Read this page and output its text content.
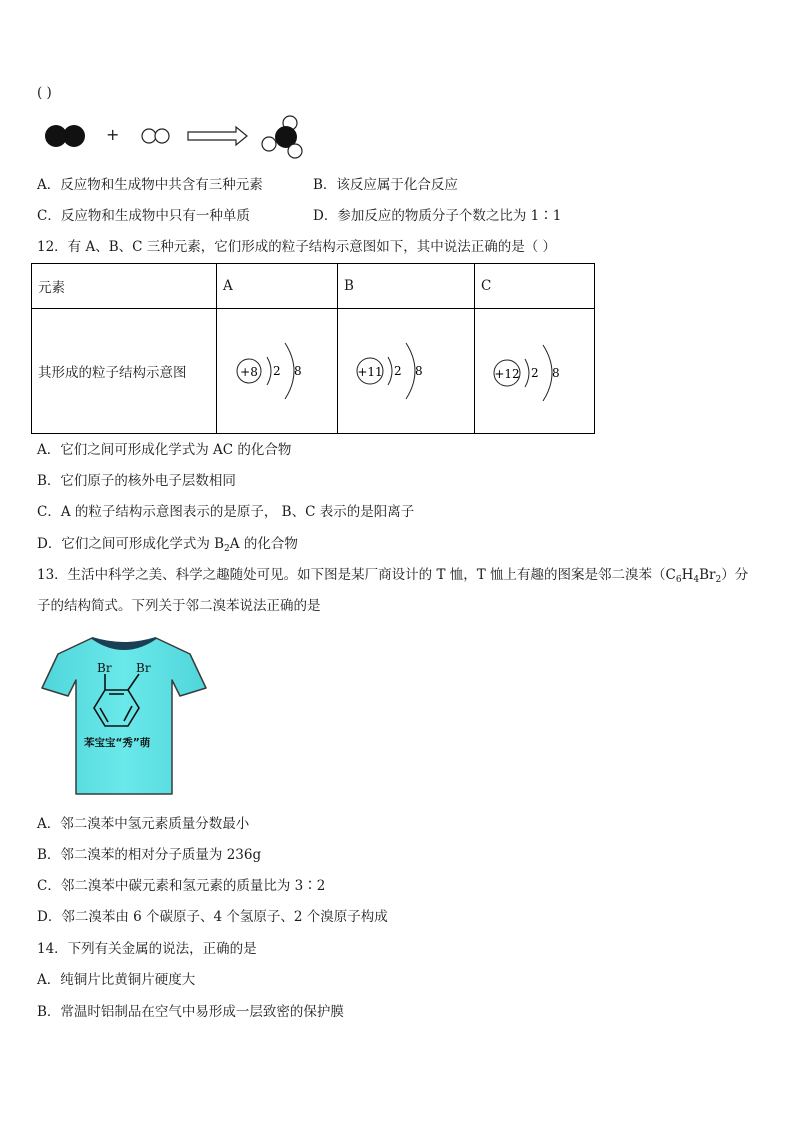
( )
+
A．反应物和生成物中共含有三种元素	B．该反应属于化合反应
C．反应物和生成物中只有一种单质	D．参加反应的物质分子个数之比为 1∶1
12．有 A、B、C 三种元素，它们形成的粒子结构示意图如下，其中说法正确的是（ ）
元素	A	B	C
其形成的粒子结构示意图	+8 2 8	+11 2 8	+12 2 8
A．它们之间可形成化学式为 AC 的化合物
B．它们原子的核外电子层数相同
C．A 的粒子结构示意图表示的是原子， B、C 表示的是阳离子
D．它们之间可形成化学式为 $B_2A$ 的化合物
13．生活中科学之美、科学之趣随处可见。如下图是某厂商设计的 T 恤，T 恤上有趣的图案是邻二溴苯$(C_6H_4Br_2)$分
子的结构简式。下列关于邻二溴苯说法正确的是
Br Br
苯宝宝“秀”萌
A．邻二溴苯中氢元素质量分数最小
B．邻二溴苯的相对分子质量为 236g
C．邻二溴苯中碳元素和氢元素的质量比为 3∶2
D．邻二溴苯由 6 个碳原子、4 个氢原子、2 个溴原子构成
14．下列有关金属的说法，正确的是
A．纯铜片比黄铜片硬度大
B．常温时铝制品在空气中易形成一层致密的保护膜
